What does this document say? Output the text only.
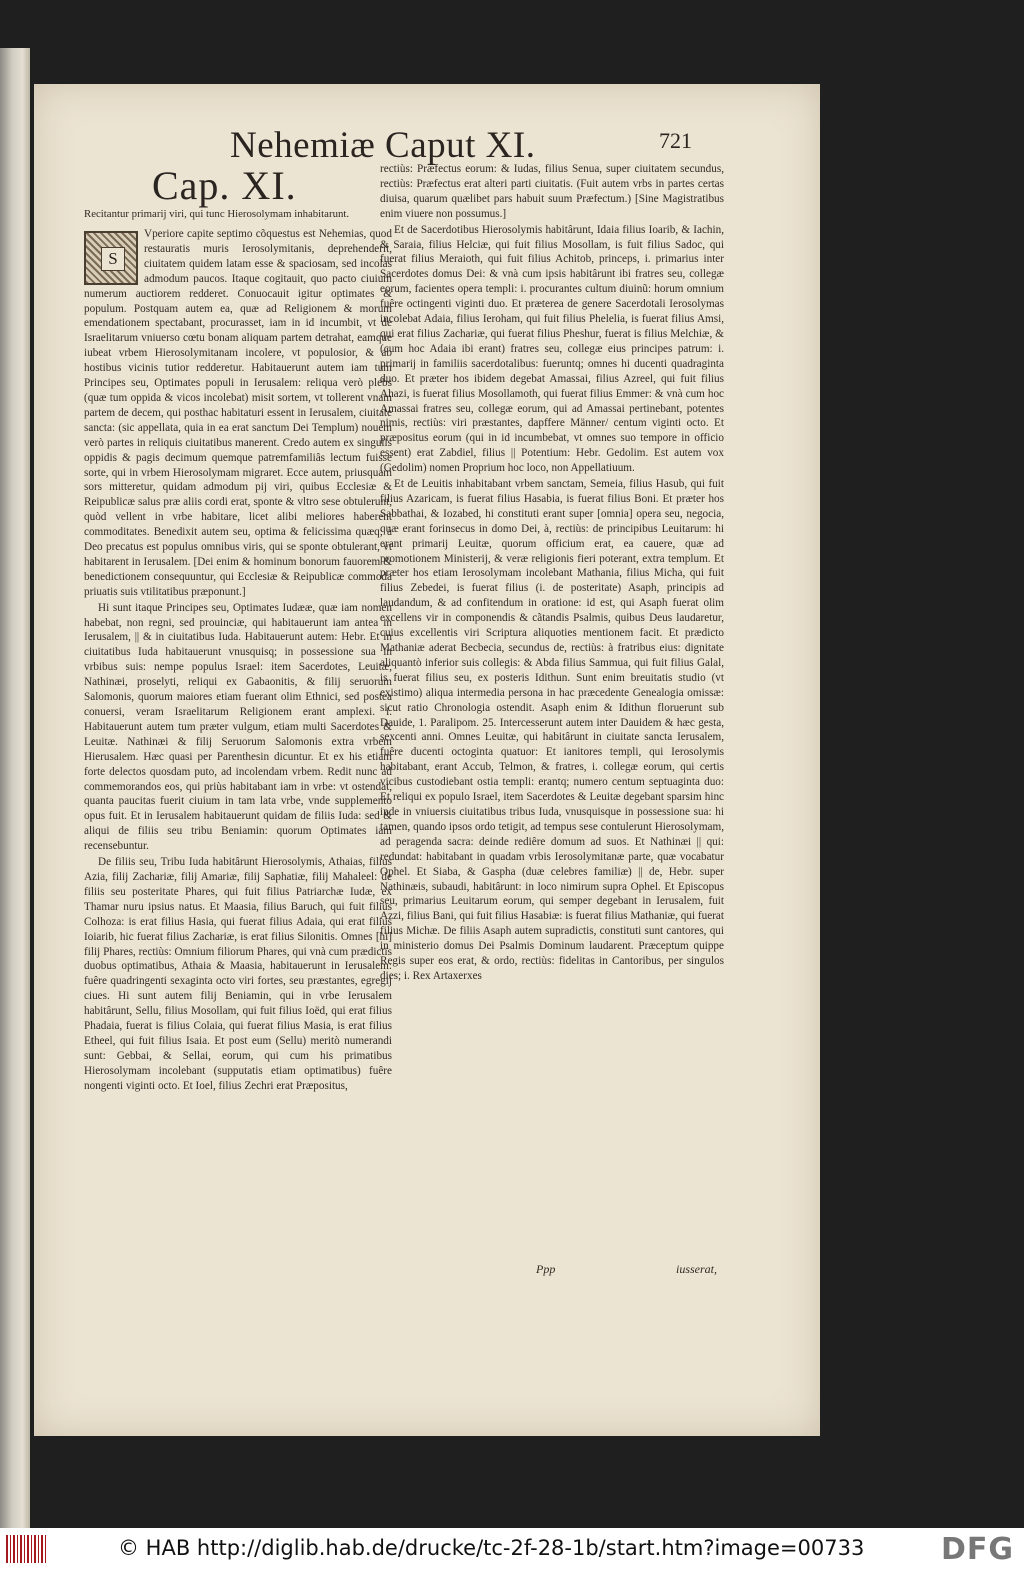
Nehemiæ Caput XI.	721
Cap. XI.

Recitantur primarij viri, qui tunc Hierosolymam inhabitarunt.

S

Vperiore capite septimo cõquestus est Nehemias, quod restauratis muris Ierosolymitanis, deprehenderit, ciuitatem quidem latam esse & spaciosam, sed incolas admodum paucos. Itaque cogitauit, quo pacto ciuium numerum auctiorem redderet. Conuocauit igitur optimates & populum. Postquam autem ea, quæ ad Religionem & morum emendationem spectabant, procurasset, iam in id incumbit, vt de Israelitarum vniuerso cœtu bonam aliquam partem detrahat, eamque iubeat vrbem Hierosolymitanam incolere, vt populosior, & ab hostibus vicinis tutior redderetur. Habitauerunt autem iam tum Principes seu, Optimates populi in Ierusalem: reliqua verò plebs (quæ tum oppida & vicos incolebat) misit sortem, vt tollerent vnam partem de decem, qui posthac habitaturi essent in Ierusalem, ciuitate sancta: (sic appellata, quia in ea erat sanctum Dei Templum) nouem verò partes in reliquis ciuitatibus manerent. Credo autem ex singulis oppidis & pagis decimum quemque patremfamiliâs lectum fuisse sorte, qui in vrbem Hierosolymam migraret. Ecce autem, priusquam sors mitteretur, quidam admodum pij viri, quibus Ecclesiæ & Reipublicæ salus præ aliis cordi erat, sponte & vltro sese obtulerunt, quòd vellent in vrbe habitare, licet alibi meliores haberent commoditates. Benedixit autem seu, optima & felicissima quæq; à Deo precatus est populus omnibus viris, qui se sponte obtulerant, vt habitarent in Ierusalem. [Dei enim & hominum bonorum fauorem & benedictionem consequuntur, qui Ecclesiæ & Reipublicæ commoda priuatis suis vtilitatibus præponunt.]

Hi sunt itaque Principes seu, Optimates Iudææ, quæ iam nomen habebat, non regni, sed prouinciæ, qui habitauerunt iam antea in Ierusalem, || & in ciuitatibus Iuda. Habitauerunt autem: Hebr. Et in ciuitatibus Iuda habitauerunt vnusquisq; in possessione sua in vrbibus suis: nempe populus Israel: item Sacerdotes, Leuitæ, Nathinæi, proselyti, reliqui ex Gabaonitis, & filij seruorum Salomonis, quorum maiores etiam fuerant olim Ethnici, sed postea conuersi, veram Israelitarum Religionem erant amplexi. i. Habitauerunt autem tum præter vulgum, etiam multi Sacerdotes & Leuitæ. Nathinæi & filij Seruorum Salomonis extra vrbem Hierusalem. Hæc quasi per Parenthesin dicuntur. Et ex his etiam forte delectos quosdam puto, ad incolendam vrbem. Redit nunc ad commemorandos eos, qui priùs habitabant iam in vrbe: vt ostendat, quanta paucitas fuerit ciuium in tam lata vrbe, vnde supplemento opus fuit. Et in Ierusalem habitauerunt quidam de filiis Iuda: sed & aliqui de filiis seu tribu Beniamin: quorum Optimates iam recensebuntur.

De filiis seu, Tribu Iuda habitârunt Hierosolymis, Athaias, filius Azia, filij Zachariæ, filij Amariæ, filij Saphatiæ, filij Mahaleel: de filiis seu posteritate Phares, qui fuit filius Patriarchæ Iudæ, ex Thamar nuru ipsius natus. Et Maasia, filius Baruch, qui fuit filius Colhoza: is erat filius Hasia, qui fuerat filius Adaia, qui erat filius Ioiarib, hic fuerat filius Zachariæ, is erat filius Silonitis. Omnes [hi] filij Phares, rectiùs: Omnium filiorum Phares, qui vnà cum prædictis duobus optimatibus, Athaia & Maasia, habitauerunt in Ierusalem: fuêre quadringenti sexaginta octo viri fortes, seu præstantes, egregij ciues. Hi sunt autem filij Beniamin, qui in vrbe Ierusalem habitârunt, Sellu, filius Mosollam, qui fuit filius Ioëd, qui erat filius Phadaia, fuerat is filius Colaia, qui fuerat filius Masia, is erat filius Etheel, qui fuit filius Isaia. Et post eum (Sellu) meritò numerandi sunt: Gebbai, & Sellai, eorum, qui cum his primatibus Hierosolymam incolebant (supputatis etiam optimatibus) fuêre nongenti viginti octo. Et Ioel, filius Zechri erat Præpositus,

rectiùs: Præfectus eorum: & Iudas, filius Senua, super ciuitatem secundus, rectiùs: Præfectus erat alteri parti ciuitatis. (Fuit autem vrbs in partes certas diuisa, quarum quælibet pars habuit suum Præfectum.) [Sine Magistratibus enim viuere non possumus.]

Et de Sacerdotibus Hierosolymis habitârunt, Idaia filius Ioarib, & Iachin, & Saraia, filius Helciæ, qui fuit filius Mosollam, is fuit filius Sadoc, qui fuerat filius Meraioth, qui fuit filius Achitob, princeps, i. primarius inter Sacerdotes domus Dei: & vnà cum ipsis habitârunt ibi fratres seu, collegæ eorum, facientes opera templi: i. procurantes cultum diuinũ: horum omnium fuêre octingenti viginti duo. Et præterea de genere Sacerdotali Ierosolymas incolebat Adaia, filius Ieroham, qui fuit filius Phelelia, is fuerat filius Amsi, qui erat filius Zachariæ, qui fuerat filius Pheshur, fuerat is filius Melchiæ, & (cum hoc Adaia ibi erant) fratres seu, collegæ eius principes patrum: i. primarij in familiis sacerdotalibus: fueruntq; omnes hi ducenti quadraginta duo. Et præter hos ibidem degebat Amassai, filius Azreel, qui fuit filius Ahazi, is fuerat filius Mosollamoth, qui fuerat filius Emmer: & vnà cum hoc Amassai fratres seu, collegæ eorum, qui ad Amassai pertinebant, potentes nimis, rectiùs: viri præstantes, dapffere Männer/ centum viginti octo. Et præpositus eorum (qui in id incumbebat, vt omnes suo tempore in officio essent) erat Zabdiel, filius || Potentium: Hebr. Gedolim. Est autem vox (Gedolim) nomen Proprium hoc loco, non Appellatiuum.

Et de Leuitis inhabitabant vrbem sanctam, Semeia, filius Hasub, qui fuit filius Azaricam, is fuerat filius Hasabia, is fuerat filius Boni. Et præter hos Sabbathai, & Iozabed, hi constituti erant super [omnia] opera seu, negocia, quæ erant forinsecus in domo Dei, à, rectiùs: de principibus Leuitarum: hi erant primarij Leuitæ, quorum officium erat, ea cauere, quæ ad promotionem Ministerij, & veræ religionis fieri poterant, extra templum. Et præter hos etiam Ierosolymam incolebant Mathania, filius Micha, qui fuit filius Zebedei, is fuerat filius (i. de posteritate) Asaph, principis ad laudandum, & ad confitendum in oratione: id est, qui Asaph fuerat olim excellens vir in componendis & cãtandis Psalmis, quibus Deus laudaretur, cuius excellentis viri Scriptura aliquoties mentionem facit. Et prædicto Mathaniæ aderat Becbecia, secundus de, rectiùs: à fratribus eius: dignitate aliquantò inferior suis collegis: & Abda filius Sammua, qui fuit filius Galal, is fuerat filius seu, ex posteris Idithun. Sunt enim breuitatis studio (vt existimo) aliqua intermedia persona in hac præcedente Genealogia omissæ: sicut ratio Chronologia ostendit. Asaph enim & Idithun floruerunt sub Dauide, 1. Paralipom. 25. Intercesserunt autem inter Dauidem & hæc gesta, sexcenti anni. Omnes Leuitæ, qui habitârunt in ciuitate sancta Ierusalem, fuêre ducenti octoginta quatuor: Et ianitores templi, qui Ierosolymis habitabant, erant Accub, Telmon, & fratres, i. collegæ eorum, qui certis vicibus custodiebant ostia templi: erantq; numero centum septuaginta duo: Et reliqui ex populo Israel, item Sacerdotes & Leuitæ degebant sparsim hinc inde in vniuersis ciuitatibus tribus Iuda, vnusquisque in possessione sua: hi tamen, quando ipsos ordo tetigit, ad tempus sese contulerunt Hierosolymam, ad peragenda sacra: deinde rediêre domum ad suos. Et Nathinæi || qui: redundat: habitabant in quadam vrbis Ierosolymitanæ parte, quæ vocabatur Ophel. Et Siaba, & Gaspha (duæ celebres familiæ) || de, Hebr. super Nathinæis, subaudi, habitârunt: in loco nimirum supra Ophel. Et Episcopus seu, primarius Leuitarum eorum, qui semper degebant in Ierusalem, fuit Azzi, filius Bani, qui fuit filius Hasabiæ: is fuerat filius Mathaniæ, qui fuerat filius Michæ. De filiis Asaph autem supradictis, constituti sunt cantores, qui in ministerio domus Dei Psalmis Dominum laudarent. Præceptum quippe Regis super eos erat, & ordo, rectiùs: fidelitas in Cantoribus, per singulos dies; i. Rex Artaxerxes

Ppp	iusserat,
© HAB http://diglib.hab.de/drucke/tc-2f-28-1b/start.htm?image=00733	DFG
